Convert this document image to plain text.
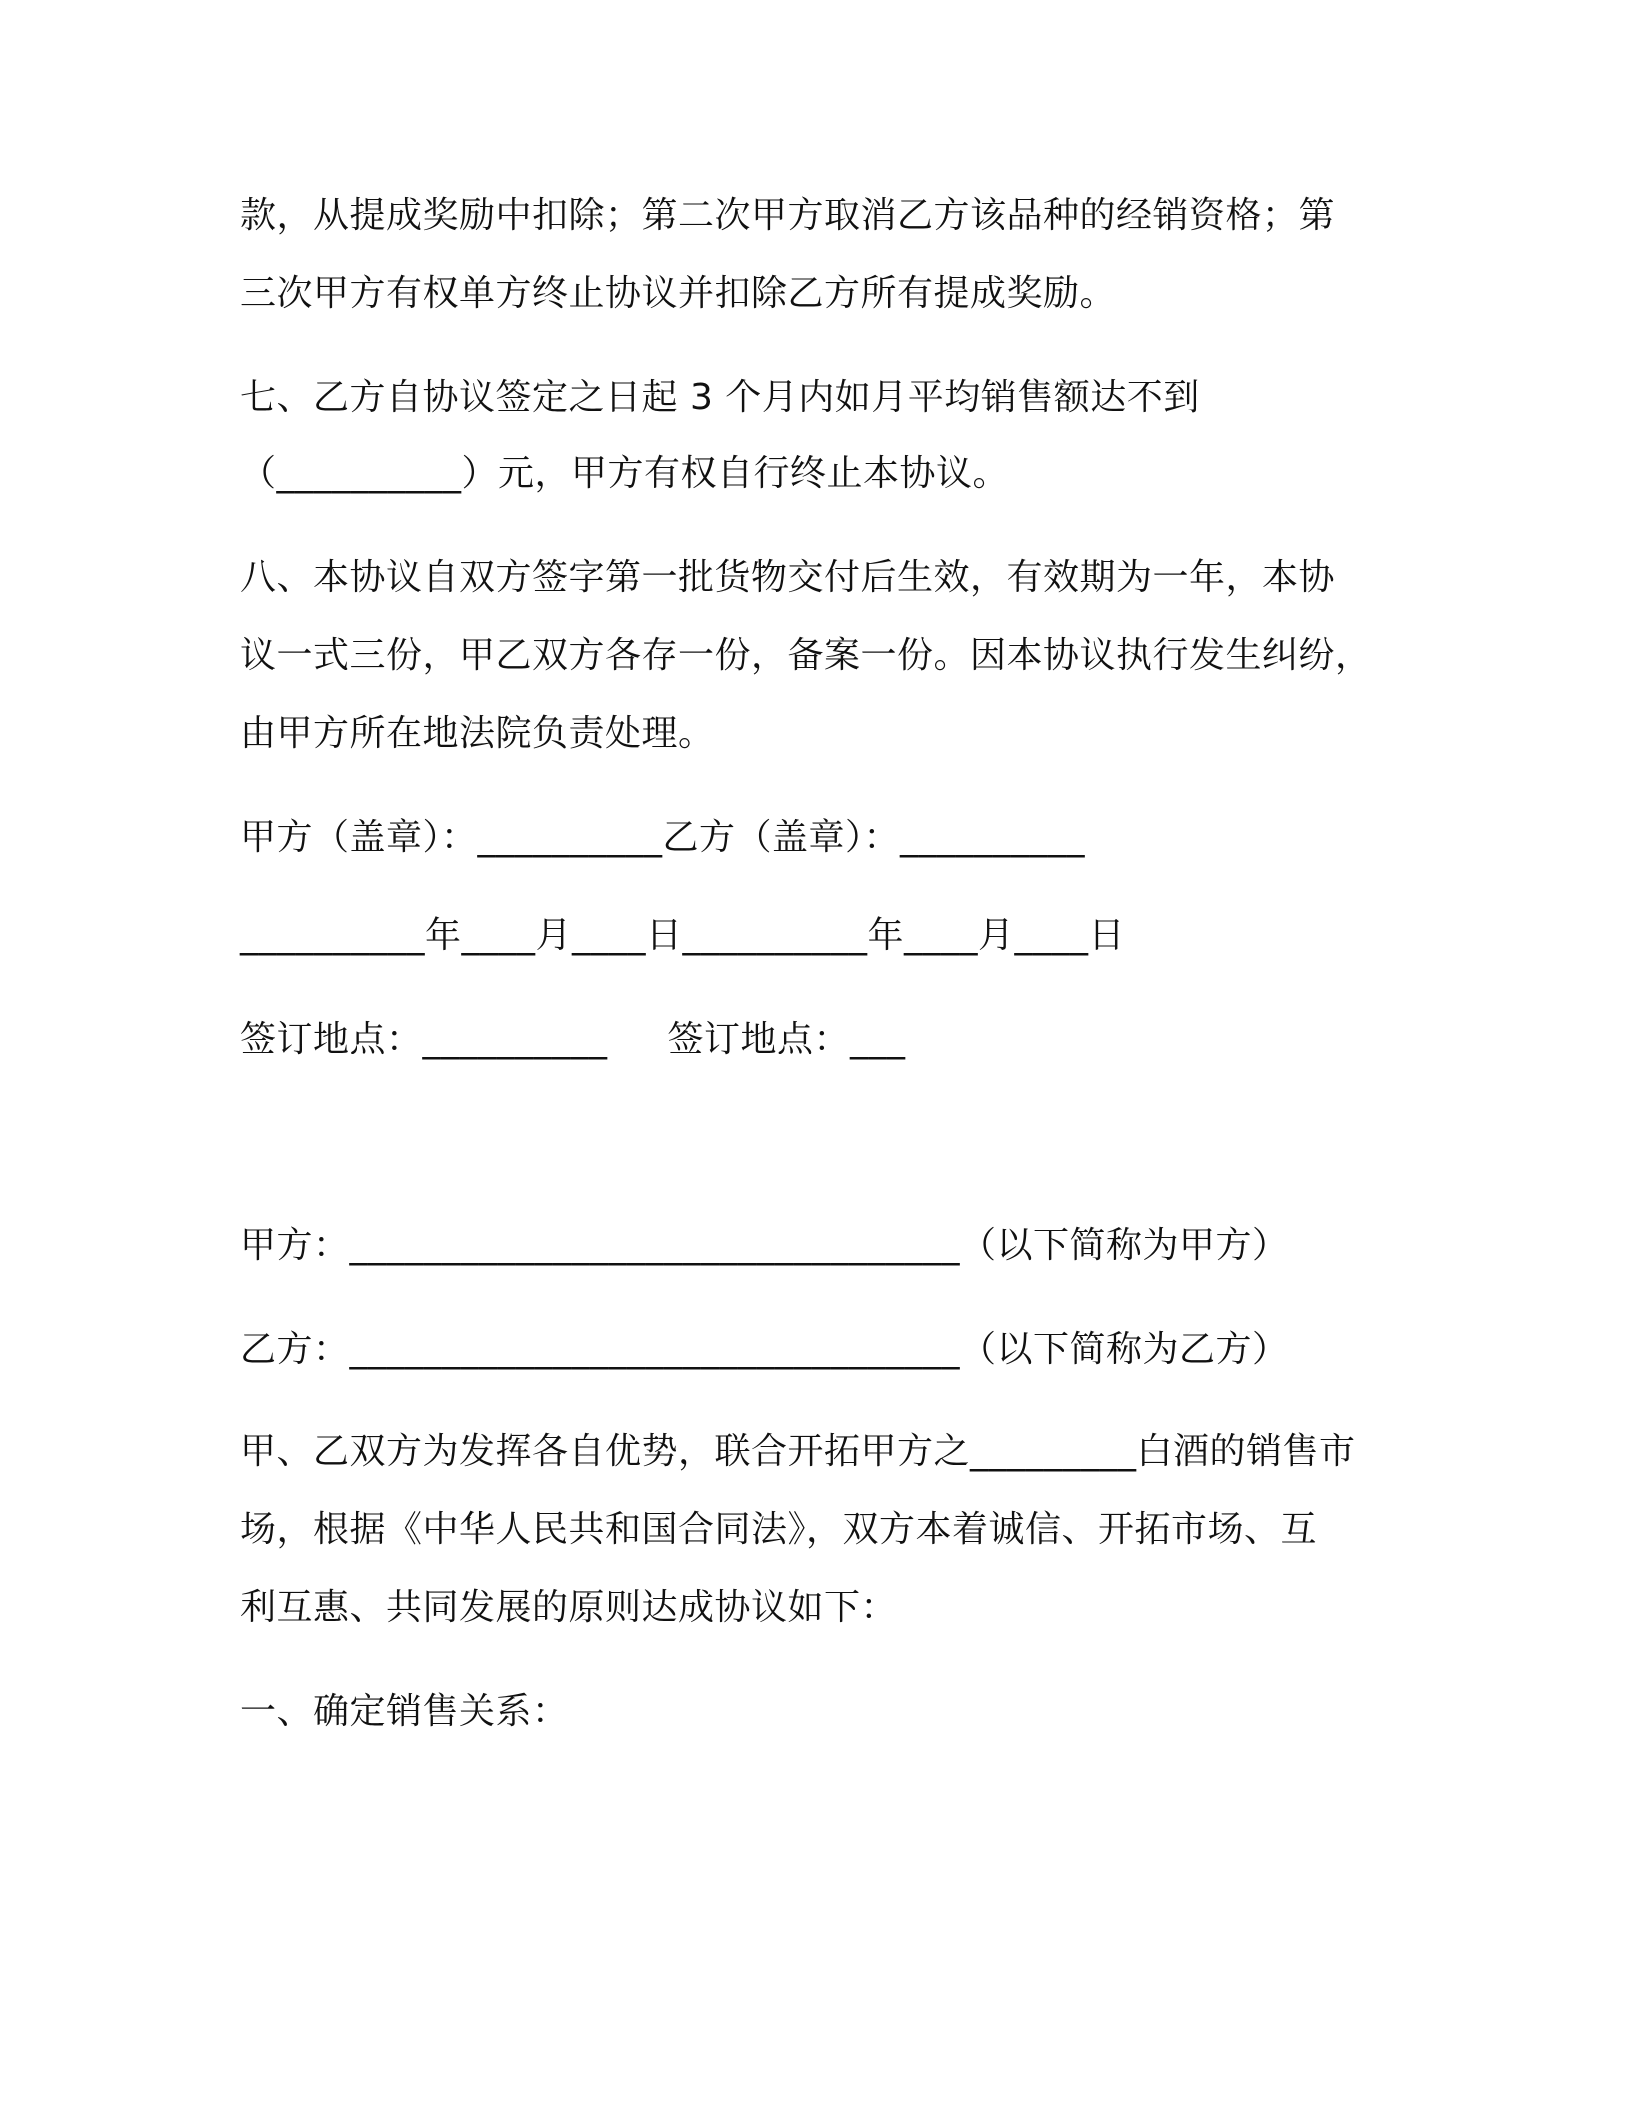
款，从提成奖励中扣除；第二次甲方取消乙方该品种的经销资格；第
三次甲方有权单方终止协议并扣除乙方所有提成奖励。
七、乙方自协议签定之日起 3 个月内如月平均销售额达不到
（__________）元，甲方有权自行终止本协议。
八、本协议自双方签字第一批货物交付后生效，有效期为一年，本协
议一式三份，甲乙双方各存一份，备案一份。因本协议执行发生纠纷，
由甲方所在地法院负责处理。
甲方（盖章）：__________乙方（盖章）：__________
__________年____月____日__________年____月____日
签订地点：__________ 签订地点：___
甲方：_________________________________（以下简称为甲方）
乙方：_________________________________（以下简称为乙方）
甲、乙双方为发挥各自优势，联合开拓甲方之_________白酒的销售市
场，根据《中华人民共和国合同法》，双方本着诚信、开拓市场、互
利互惠、共同发展的原则达成协议如下：
一、确定销售关系：
